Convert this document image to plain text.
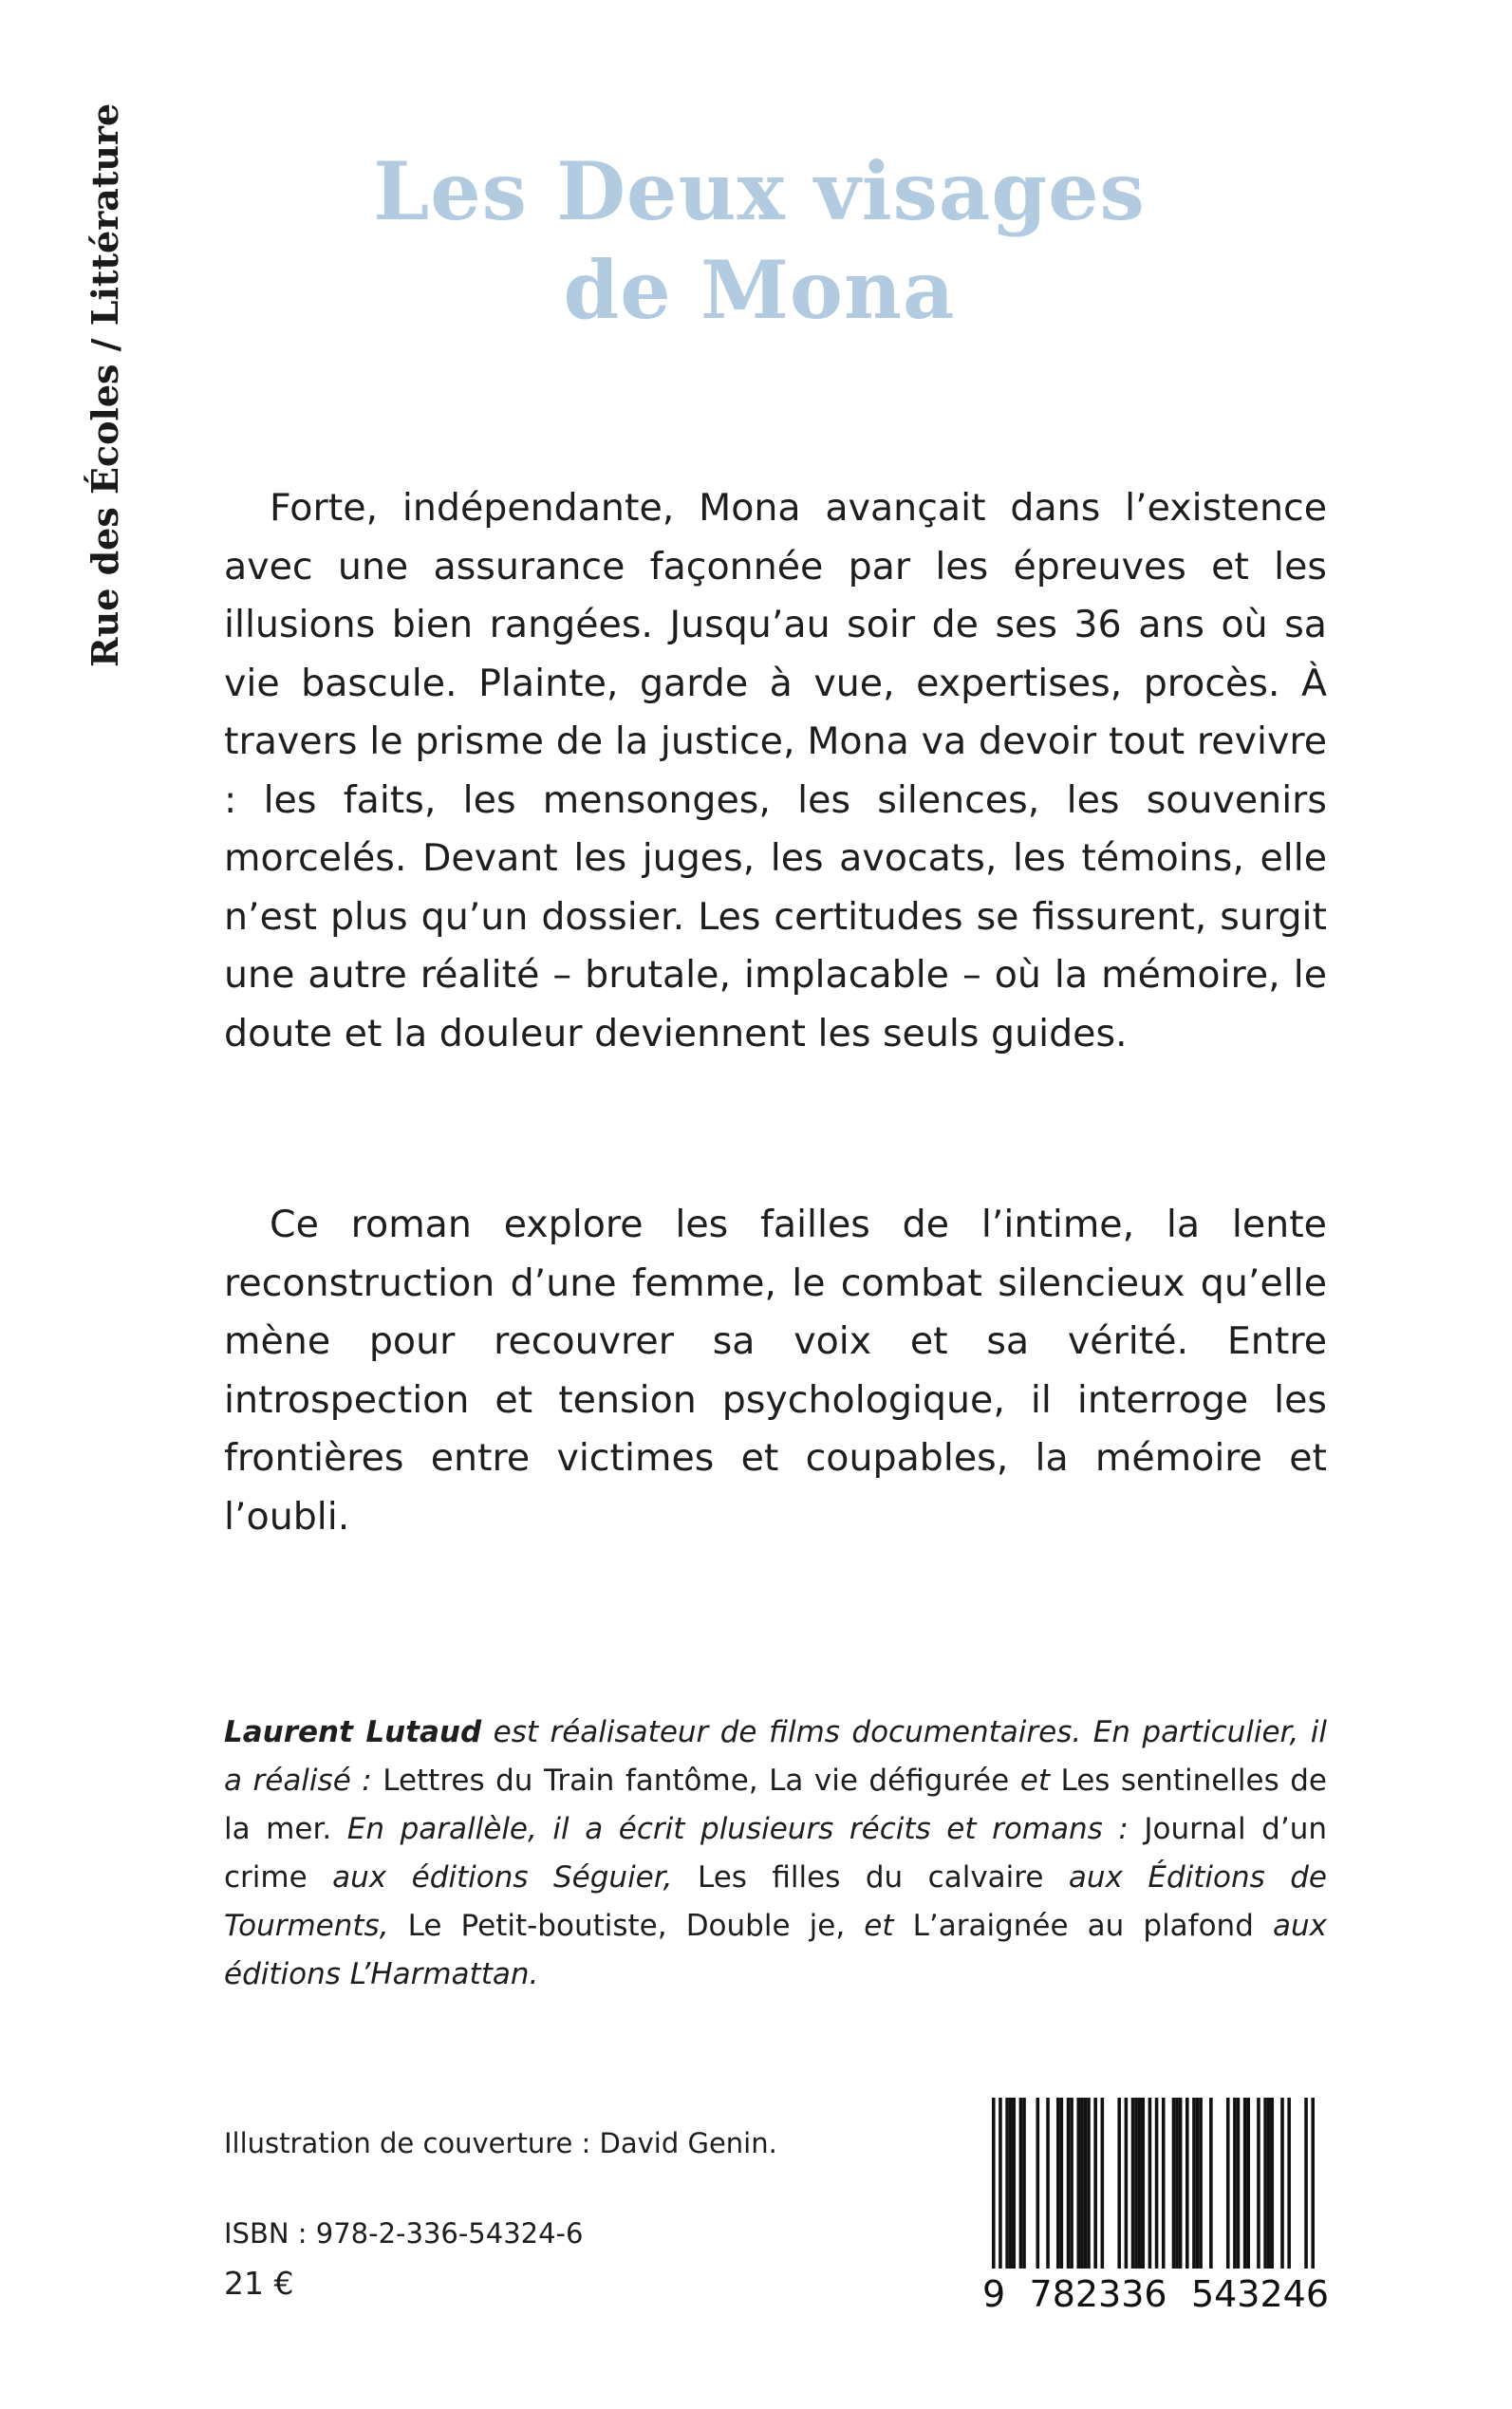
Rue des Écoles / Littérature	Les Deux visages
de Mona

Forte, indépendante, Mona avançait dans l’existence avec une assurance façonnée par les épreuves et les illusions bien rangées. Jusqu’au soir de ses 36 ans où sa vie bascule. Plainte, garde à vue, expertises, procès. À travers le prisme de la justice, Mona va devoir tout revivre : les faits, les mensonges, les silences, les souvenirs morcelés. Devant les juges, les avocats, les témoins, elle n’est plus qu’un dossier. Les certitudes se fissurent, surgit une autre réalité – brutale, implacable – où la mémoire, le doute et la douleur deviennent les seuls guides.

Ce roman explore les failles de l’intime, la lente reconstruction d’une femme, le combat silencieux qu’elle mène pour recouvrer sa voix et sa vérité. Entre introspection et tension psychologique, il interroge les frontières entre victimes et coupables, la mémoire et l’oubli.

Laurent Lutaud est réalisateur de films documentaires. En particulier, il a réalisé : Lettres du Train fantôme, La vie défigurée et Les sentinelles de la mer. En parallèle, il a écrit plusieurs récits et romans : Journal d’un crime aux éditions Séguier, Les filles du calvaire aux Éditions de Tourments, Le Petit-boutiste, Double je, et L’araignée au plafond aux éditions L’Harmattan.

Illustration de couverture : David Genin.

ISBN : 978-2-336-54324-6

21 €	9 782336 543246
